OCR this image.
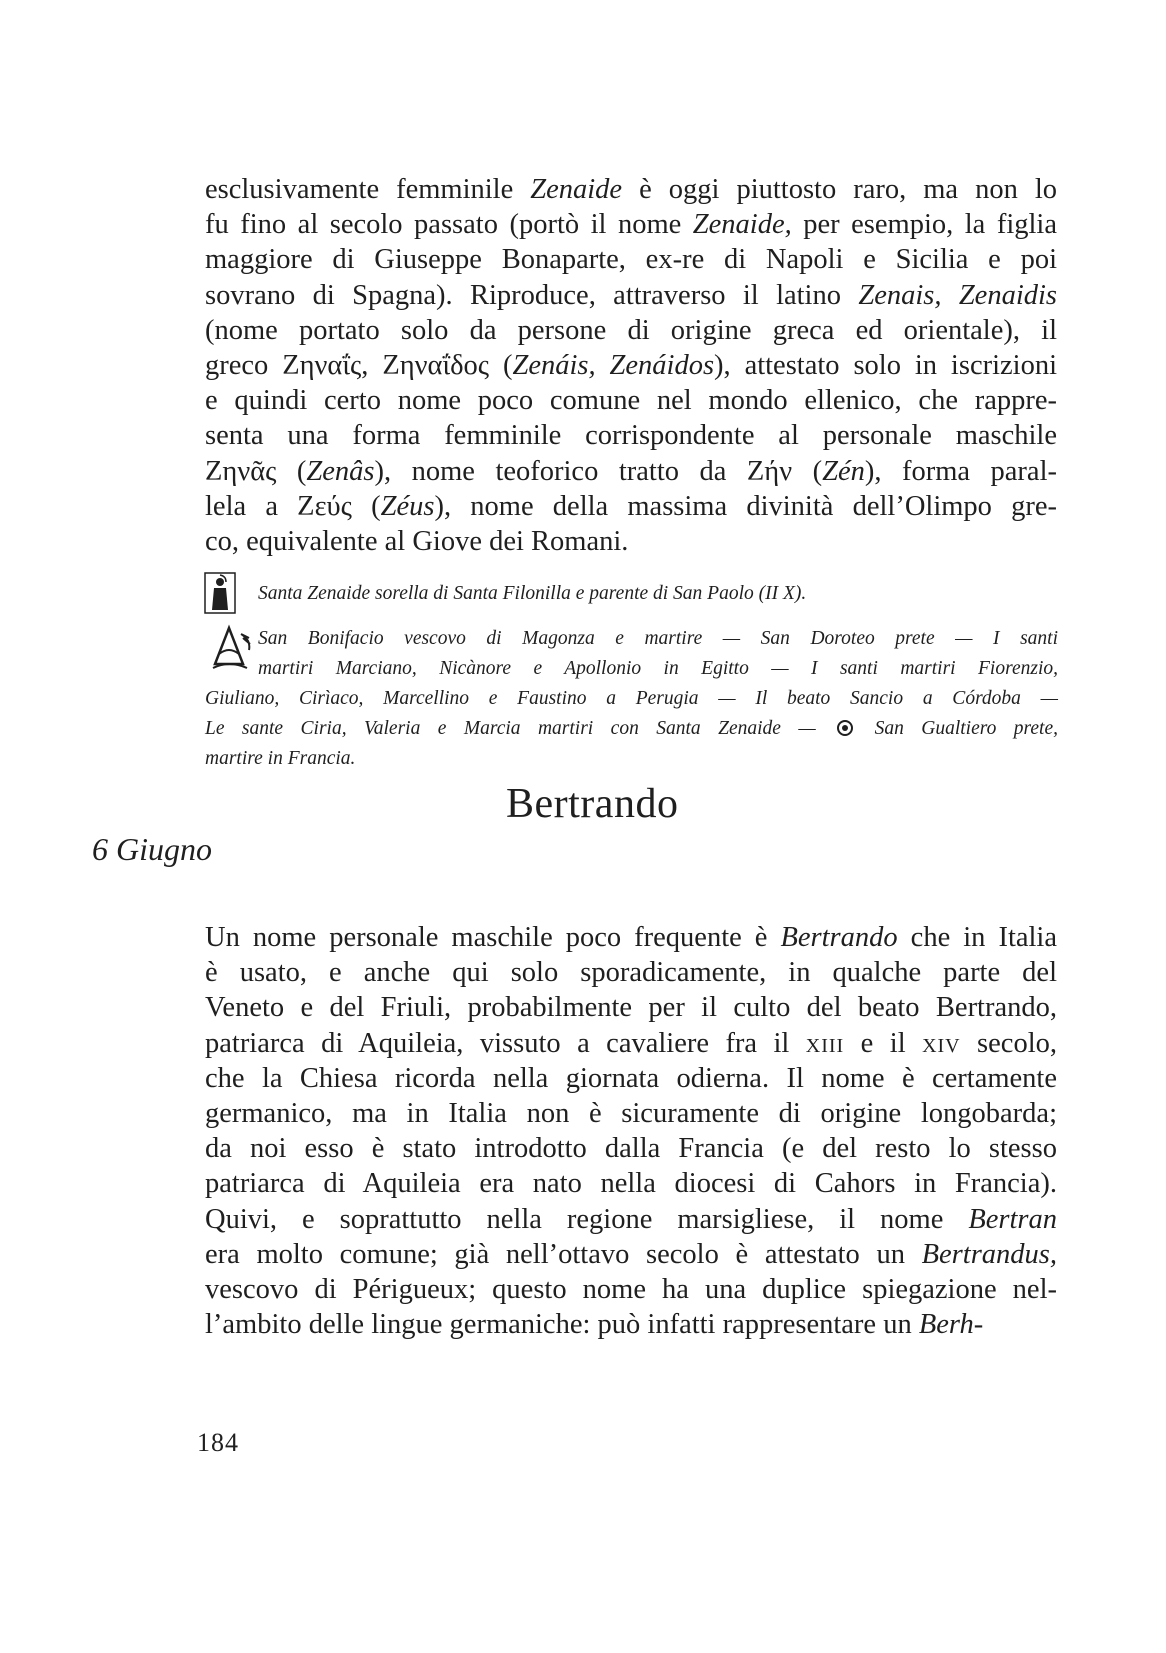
esclusivamente femminile Zenaide è oggi piuttosto raro, ma non lo
fu fino al secolo passato (portò il nome Zenaide, per esempio, la figlia
maggiore di Giuseppe Bonaparte, ex-re di Napoli e Sicilia e poi
sovrano di Spagna). Riproduce, attraverso il latino Zenais, Zenaidis
(nome portato solo da persone di origine greca ed orientale), il
greco Ζηναΐς, Ζηναΐδος (Zenáis, Zenáidos), attestato solo in iscrizioni
e quindi certo nome poco comune nel mondo ellenico, che rappre-
senta una forma femminile corrispondente al personale maschile
Ζηνᾶς (Zenâs), nome teoforico tratto da Ζήν (Zén), forma paral-
lela a Ζεύς (Zéus), nome della massima divinità dell’Olimpo gre-
co, equivalente al Giove dei Romani.

Santa Zenaide sorella di Santa Filonilla e parente di San Paolo (II X).

San Bonifacio vescovo di Magonza e martire — San Doroteo prete — I santi
martiri Marciano, Nicànore e Apollonio in Egitto — I santi martiri Fiorenzio,

Giuliano, Cirìaco, Marcellino e Faustino a Perugia — Il beato Sancio a Córdoba —
Le sante Ciria, Valeria e Marcia martiri con Santa Zenaide —  San Gualtiero prete,
martire in Francia.

Bertrando
6 Giugno

Un nome personale maschile poco frequente è Bertrando che in Italia
è usato, e anche qui solo sporadicamente, in qualche parte del
Veneto e del Friuli, probabilmente per il culto del beato Bertrando,
patriarca di Aquileia, vissuto a cavaliere fra il xiii e il xiv secolo,
che la Chiesa ricorda nella giornata odierna. Il nome è certamente
germanico, ma in Italia non è sicuramente di origine longobarda;
da noi esso è stato introdotto dalla Francia (e del resto lo stesso
patriarca di Aquileia era nato nella diocesi di Cahors in Francia).
Quivi, e soprattutto nella regione marsigliese, il nome Bertran
era molto comune; già nell’ottavo secolo è attestato un Bertrandus,
vescovo di Périgueux; questo nome ha una duplice spiegazione nel-
l’ambito delle lingue germaniche: può infatti rappresentare un Berh-

184
